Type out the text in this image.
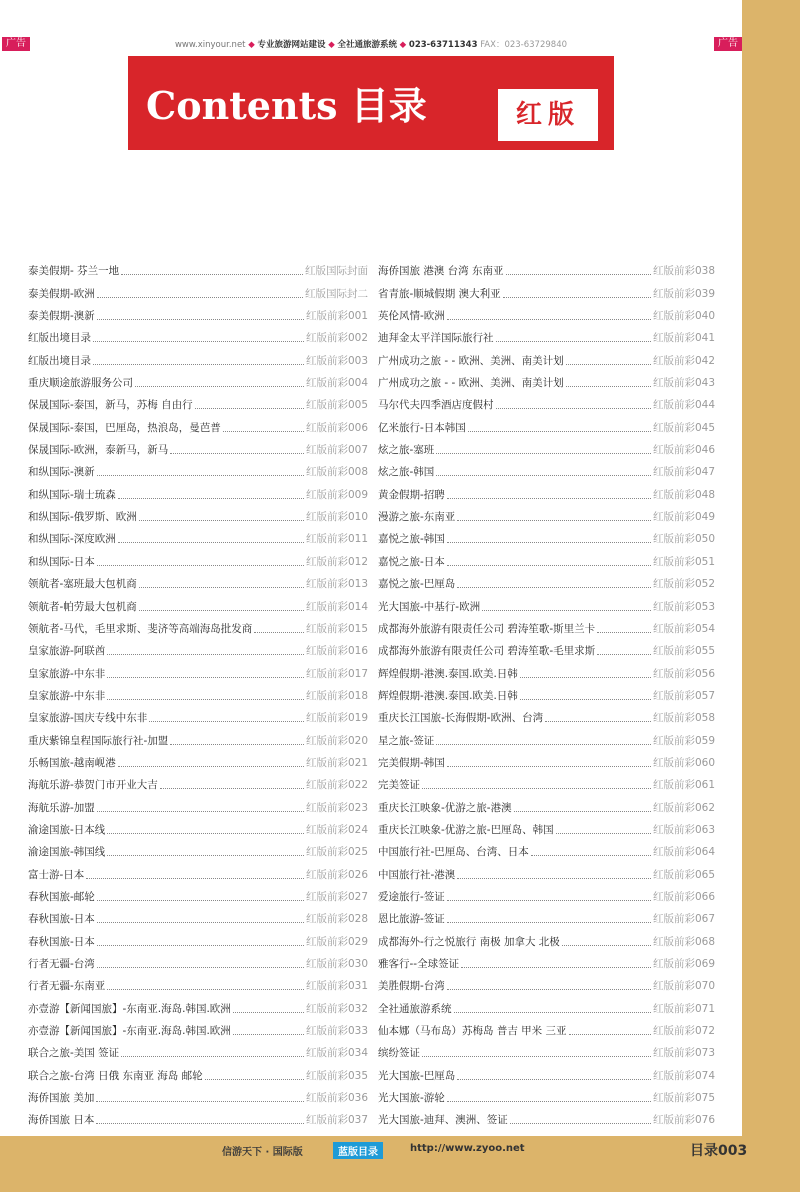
广告	www.xinyour.net ◆ 专业旅游网站建设 ◆ 全社通旅游系统 ◆ 023-63711343 FAX：023-63729840	广告
Contents 目录	红版
泰美假期- 芬兰一地	红版国际封面
泰美假期-欧洲	红版国际封二
泰美假期-澳新	红版前彩001
红版出境目录	红版前彩002
红版出境目录	红版前彩003
重庆顺途旅游服务公司	红版前彩004
保晟国际-泰国，新马，苏梅 自由行	红版前彩005
保晟国际-泰国，巴厘岛，热浪岛，曼芭普	红版前彩006
保晟国际-欧洲，泰新马，新马	红版前彩007
和纵国际-澳新	红版前彩008
和纵国际-瑞士琉森	红版前彩009
和纵国际-俄罗斯、欧洲	红版前彩010
和纵国际-深度欧洲	红版前彩011
和纵国际-日本	红版前彩012
领航者-塞班最大包机商	红版前彩013
领航者-帕劳最大包机商	红版前彩014
领航者-马代，毛里求斯、斐济等高端海岛批发商	红版前彩015
皇家旅游-阿联酋	红版前彩016
皇家旅游-中东非	红版前彩017
皇家旅游-中东非	红版前彩018
皇家旅游-国庆专线中东非	红版前彩019
重庆紫锦皇程国际旅行社-加盟	红版前彩020
乐畅国旅-越南岘港	红版前彩021
海航乐游-恭贺门市开业大吉	红版前彩022
海航乐游-加盟	红版前彩023
渝途国旅-日本线	红版前彩024
渝途国旅-韩国线	红版前彩025
富士游-日本	红版前彩026
春秋国旅-邮轮	红版前彩027
春秋国旅-日本	红版前彩028
春秋国旅-日本	红版前彩029
行者无疆-台湾	红版前彩030
行者无疆-东南亚	红版前彩031
亦壹游【新闻国旅】-东南亚.海岛.韩国.欧洲	红版前彩032
亦壹游【新闻国旅】-东南亚.海岛.韩国.欧洲	红版前彩033
联合之旅-美国 签证	红版前彩034
联合之旅-台湾 日俄 东南亚 海岛 邮轮	红版前彩035
海侨国旅 美加	红版前彩036
海侨国旅 日本	红版前彩037
海侨国旅 港澳 台湾 东南亚	红版前彩038
省青旅-顺城假期 澳大利亚	红版前彩039
英伦风情-欧洲	红版前彩040
迪拜金太平洋国际旅行社	红版前彩041
广州成功之旅 - - 欧洲、美洲、南美计划	红版前彩042
广州成功之旅 - - 欧洲、美洲、南美计划	红版前彩043
马尔代夫四季酒店度假村	红版前彩044
亿米旅行-日本韩国	红版前彩045
炫之旅-塞班	红版前彩046
炫之旅-韩国	红版前彩047
黄金假期-招聘	红版前彩048
漫游之旅-东南亚	红版前彩049
嘉悦之旅-韩国	红版前彩050
嘉悦之旅-日本	红版前彩051
嘉悦之旅-巴厘岛	红版前彩052
光大国旅-中基行-欧洲	红版前彩053
成都海外旅游有限责任公司 碧涛笙歌-斯里兰卡	红版前彩054
成都海外旅游有限责任公司 碧涛笙歌-毛里求斯	红版前彩055
辉煌假期-港澳.泰国.欧美.日韩	红版前彩056
辉煌假期-港澳.泰国.欧美.日韩	红版前彩057
重庆长江国旅-长海假期-欧洲、台湾	红版前彩058
星之旅-签证	红版前彩059
完美假期-韩国	红版前彩060
完美签证	红版前彩061
重庆长江映象-优游之旅-港澳	红版前彩062
重庆长江映象-优游之旅-巴厘岛、韩国	红版前彩063
中国旅行社-巴厘岛、台湾、日本	红版前彩064
中国旅行社-港澳	红版前彩065
爱途旅行-签证	红版前彩066
恩比旅游-签证	红版前彩067
成都海外-行之悦旅行 南极 加拿大 北极	红版前彩068
雅客行--全球签证	红版前彩069
美胜假期-台湾	红版前彩070
全社通旅游系统	红版前彩071
仙本娜（马布岛）苏梅岛 普吉 甲米 三亚	红版前彩072
缤纷签证	红版前彩073
光大国旅-巴厘岛	红版前彩074
光大国旅-游轮	红版前彩075
光大国旅-迪拜、澳洲、签证	红版前彩076
信游天下 · 国际版	蓝版目录	http://www.zyoo.net	目录003
